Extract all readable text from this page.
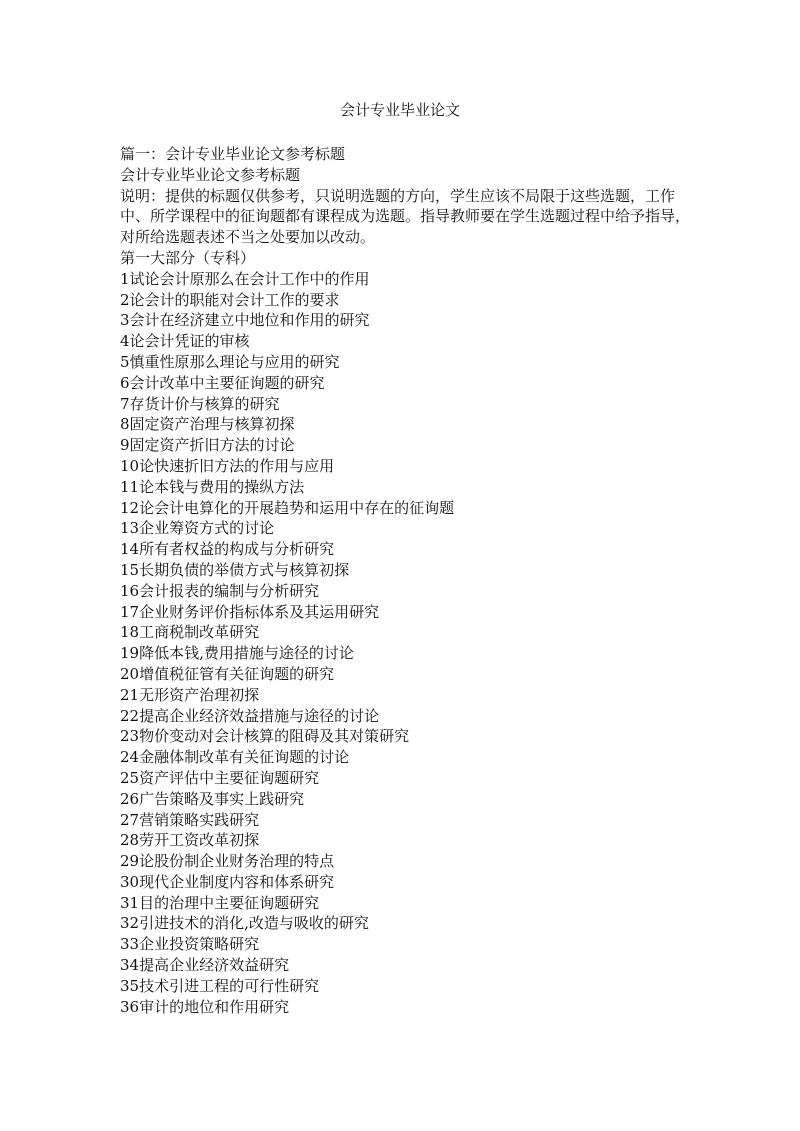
会计专业毕业论文
篇一：会计专业毕业论文参考标题
会计专业毕业论文参考标题
说明：提供的标题仅供参考，只说明选题的方向，学生应该不局限于这些选题，工作中、所学课程中的征询题都有课程成为选题。指导教师要在学生选题过程中给予指导，对所给选题表述不当之处要加以改动。
第一大部分（专科）
1试论会计原那么在会计工作中的作用
2论会计的职能对会计工作的要求
3会计在经济建立中地位和作用的研究
4论会计凭证的审核
5慎重性原那么理论与应用的研究
6会计改革中主要征询题的研究
7存货计价与核算的研究
8固定资产治理与核算初探
9固定资产折旧方法的讨论
10论快速折旧方法的作用与应用
11论本钱与费用的操纵方法
12论会计电算化的开展趋势和运用中存在的征询题
13企业筹资方式的讨论
14所有者权益的构成与分析研究
15长期负债的举债方式与核算初探
16会计报表的编制与分析研究
17企业财务评价指标体系及其运用研究
18工商税制改革研究
19降低本钱,费用措施与途径的讨论
20增值税征管有关征询题的研究
21无形资产治理初探
22提高企业经济效益措施与途径的讨论
23物价变动对会计核算的阻碍及其对策研究
24金融体制改革有关征询题的讨论
25资产评估中主要征询题研究
26广告策略及事实上践研究
27营销策略实践研究
28劳开工资改革初探
29论股份制企业财务治理的特点
30现代企业制度内容和体系研究
31目的治理中主要征询题研究
32引进技术的消化,改造与吸收的研究
33企业投资策略研究
34提高企业经济效益研究
35技术引进工程的可行性研究
36审计的地位和作用研究
